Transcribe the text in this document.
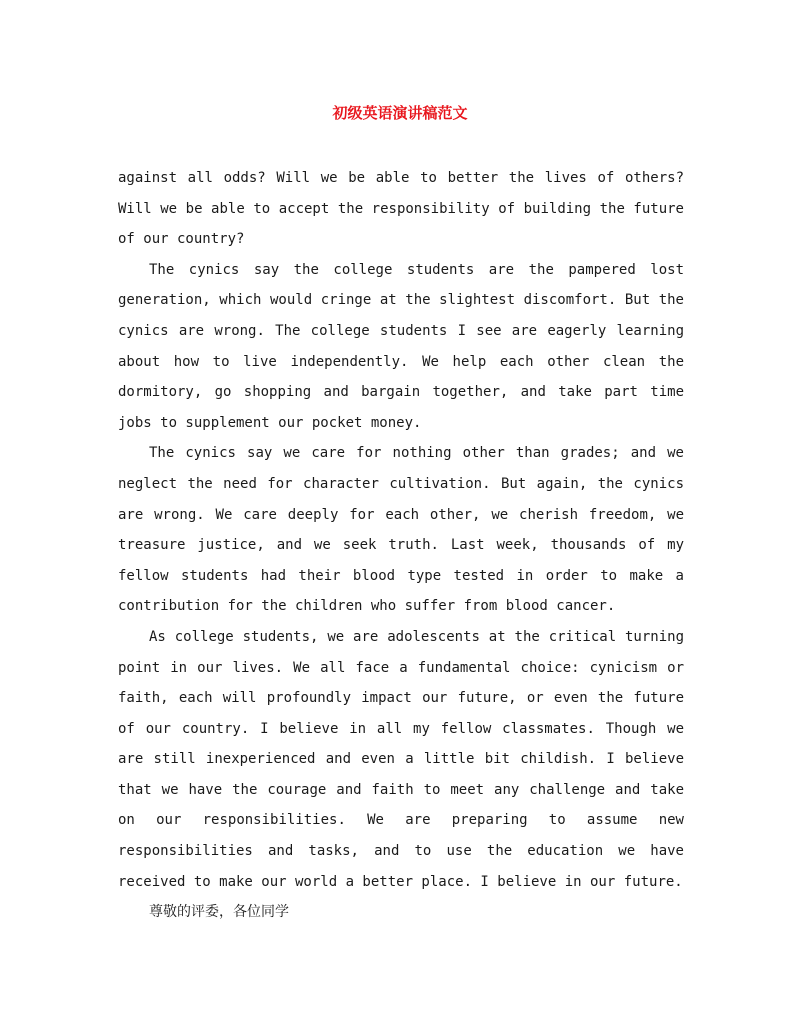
初级英语演讲稿范文

against all odds? Will we be able to better the lives of others? Will we be able to accept the responsibility of building the future of our country?

The cynics say the college students are the pampered lost generation, which would cringe at the slightest discomfort. But the cynics are wrong. The college students I see are eagerly learning about how to live independently. We help each other clean the dormitory, go shopping and bargain together, and take part time jobs to supplement our pocket money.

The cynics say we care for nothing other than grades; and we neglect the need for character cultivation. But again, the cynics are wrong. We care deeply for each other, we cherish freedom, we treasure justice, and we seek truth. Last week, thousands of my fellow students had their blood type tested in order to make a contribution for the children who suffer from blood cancer.

As college students, we are adolescents at the critical turning point in our lives. We all face a fundamental choice: cynicism or faith, each will profoundly impact our future, or even the future of our country. I believe in all my fellow classmates. Though we are still inexperienced and even a little bit childish. I believe that we have the courage and faith to meet any challenge and take on our responsibilities. We are preparing to assume new responsibilities and tasks, and to use the education we have received to make our world a better place. I believe in our future.

尊敬的评委，各位同学
